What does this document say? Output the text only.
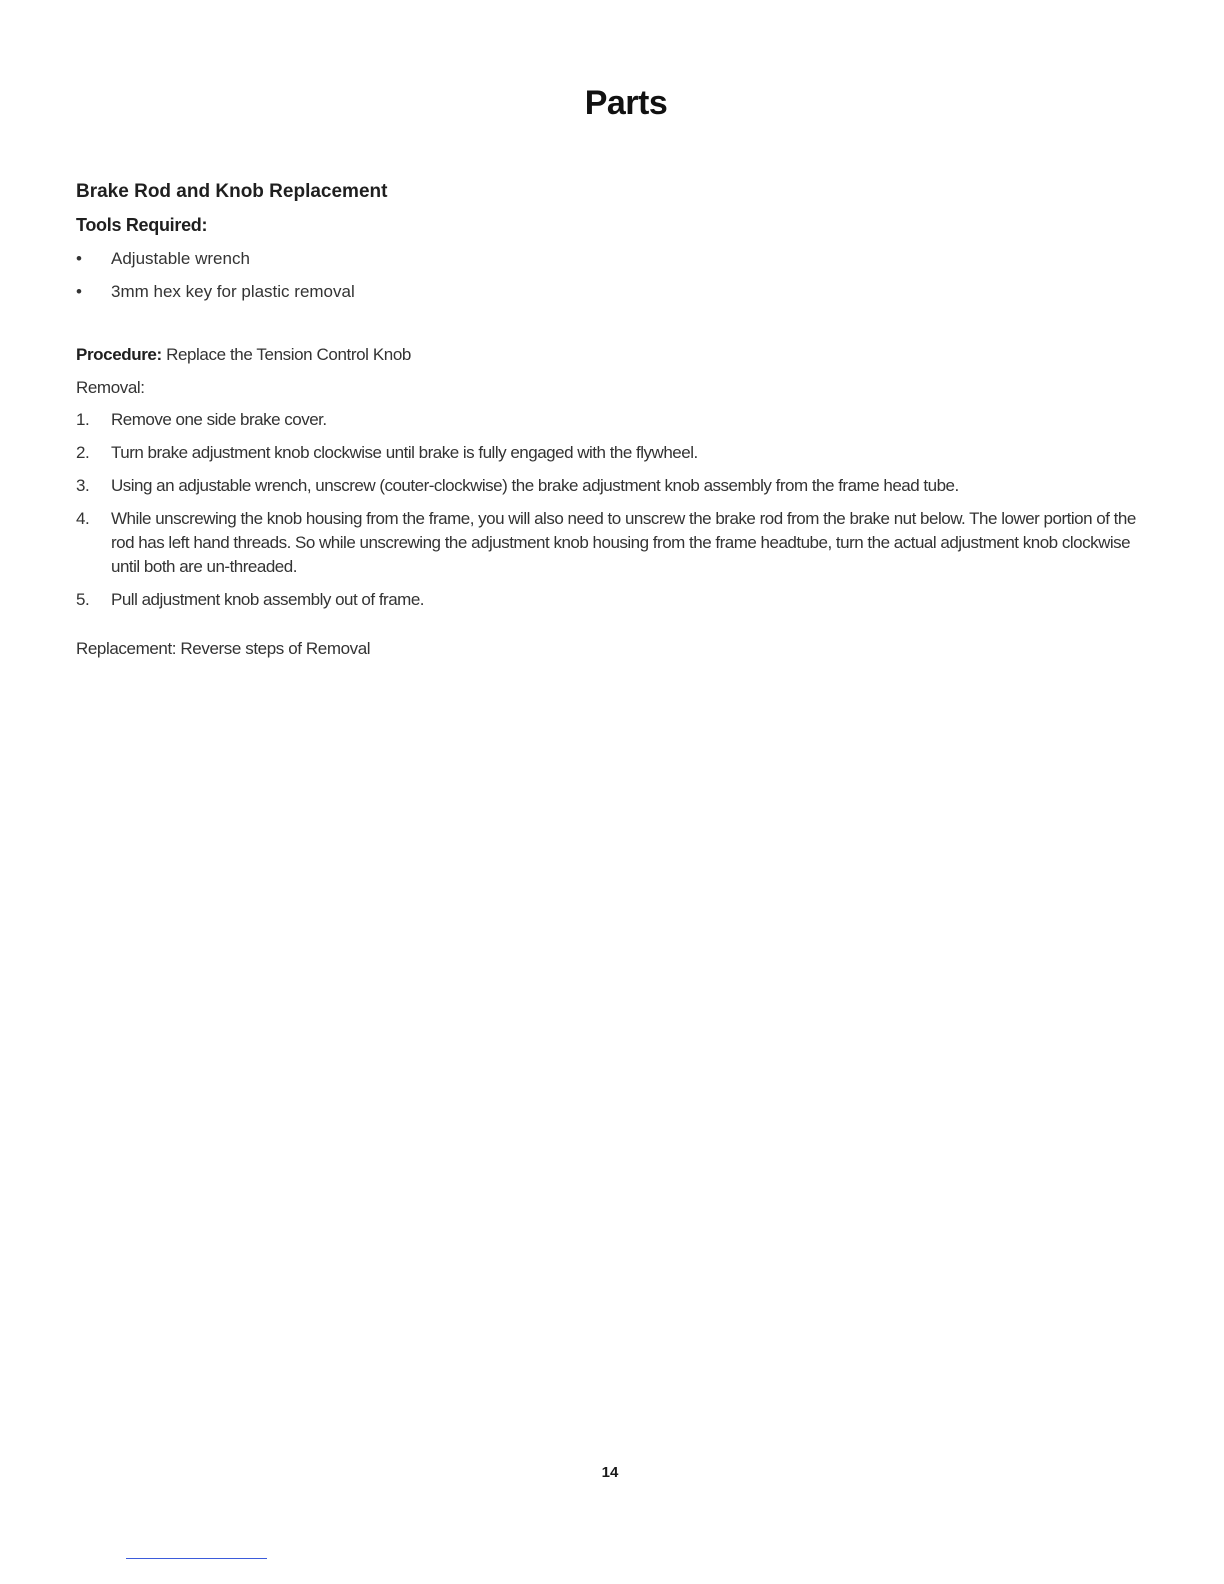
Parts
Brake Rod and Knob Replacement
Tools Required:
• Adjustable wrench
• 3mm hex key for plastic removal
Procedure: Replace the Tension Control Knob
Removal:
1. Remove one side brake cover.
2. Turn brake adjustment knob clockwise until brake is fully engaged with the flywheel.
3. Using an adjustable wrench, unscrew (couter-clockwise) the brake adjustment knob assembly from the frame head tube.
4. While unscrewing the knob housing from the frame, you will also need to unscrew the brake rod from the brake nut below. The lower portion of the rod has left hand threads. So while unscrewing the adjustment knob housing from the frame headtube, turn the actual adjustment knob clockwise until both are un-threaded.
5. Pull adjustment knob assembly out of frame.
Replacement: Reverse steps of Removal
14
